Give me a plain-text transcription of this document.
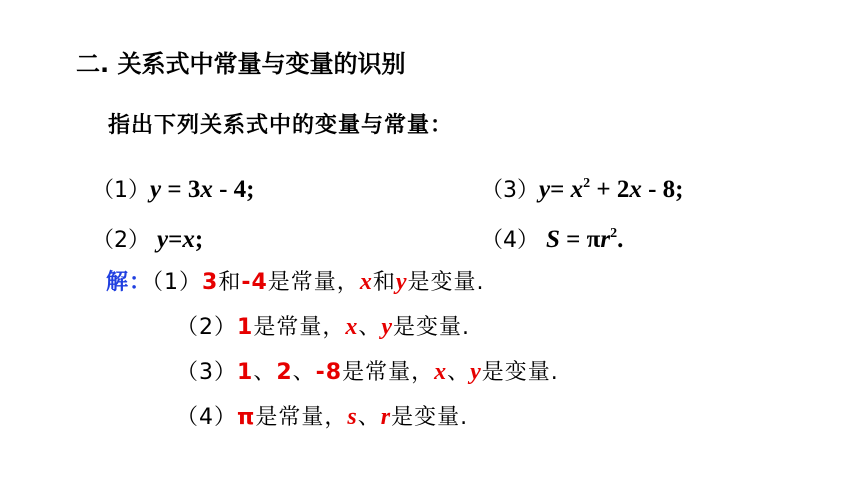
二. 关系式中常量与变量的识别
指出下列关系式中的变量与常量：
（1）y = 3x - 4;
（2） y=x;
$(3)y= x^2 + 2x - 8$;
（4） $S = \pi r^2$.
解：（1）3和-4是常量，x和y是变量.
（2）1是常量，x、y是变量.
（3）1、2、-8是常量，x、y是变量.
（4）π是常量，s、r是变量.
